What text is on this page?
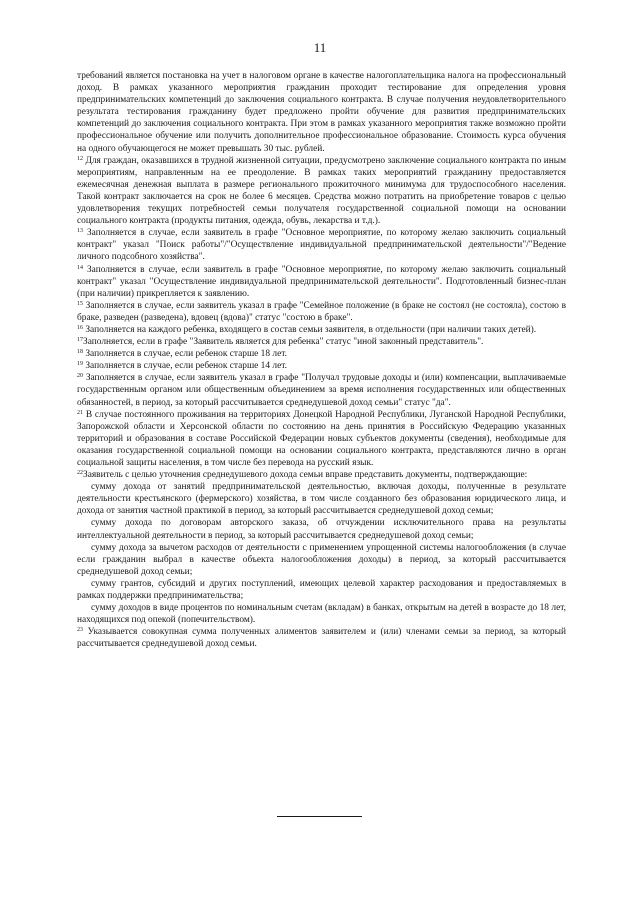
11

требований является постановка на учет в налоговом органе в качестве налогоплательщика налога на профессиональный доход. В рамках указанного мероприятия гражданин проходит тестирование для определения уровня предпринимательских компетенций до заключения социального контракта. В случае получения неудовлетворительного результата тестирования гражданину будет предложено пройти обучение для развития предпринимательских компетенций до заключения социального контракта. При этом в рамках указанного мероприятия также возможно пройти профессиональное обучение или получить дополнительное профессиональное образование. Стоимость курса обучения на одного обучающегося не может превышать 30 тыс. рублей.

$^{12}$ Для граждан, оказавшихся в трудной жизненной ситуации, предусмотрено заключение социального контракта по иным мероприятиям, направленным на ее преодоление. В рамках таких мероприятий гражданину предоставляется ежемесячная денежная выплата в размере регионального прожиточного минимума для трудоспособного населения. Такой контракт заключается на срок не более 6 месяцев. Средства можно потратить на приобретение товаров с целью удовлетворения текущих потребностей семьи получателя государственной социальной помощи на основании социального контракта (продукты питания, одежда, обувь, лекарства и т.д.).

$^{13}$ Заполняется в случае, если заявитель в графе "Основное мероприятие, по которому желаю заключить социальный контракт" указал "Поиск работы"/"Осуществление индивидуальной предпринимательской деятельности"/"Ведение личного подсобного хозяйства".

$^{14}$ Заполняется в случае, если заявитель в графе "Основное мероприятие, по которому желаю заключить социальный контракт" указал "Осуществление индивидуальной предпринимательской деятельности". Подготовленный бизнес-план (при наличии) прикрепляется к заявлению.

$^{15}$ Заполняется в случае, если заявитель указал в графе "Семейное положение (в браке не состоял (не состояла), состою в браке, разведен (разведена), вдовец (вдова)" статус "состою в браке".

$^{16}$ Заполняется на каждого ребенка, входящего в состав семьи заявителя, в отдельности (при наличии таких детей).

$^{17}$Заполняется, если в графе "Заявитель является для ребенка" статус "иной законный представитель".

$^{18}$ Заполняется в случае, если ребенок старше 18 лет.

$^{19}$ Заполняется в случае, если ребенок старше 14 лет.

$^{20}$ Заполняется в случае, если заявитель указал в графе "Получал трудовые доходы и (или) компенсации, выплачиваемые государственным органом или общественным объединением за время исполнения государственных или общественных обязанностей, в период, за который рассчитывается среднедушевой доход семьи" статус "да".

$^{21}$ В случае постоянного проживания на территориях Донецкой Народной Республики, Луганской Народной Республики, Запорожской области и Херсонской области по состоянию на день принятия в Российскую Федерацию указанных территорий и образования в составе Российской Федерации новых субъектов документы (сведения), необходимые для оказания государственной социальной помощи на основании социального контракта, представляются лично в орган социальной защиты населения, в том числе без перевода на русский язык.

$^{22}$Заявитель с целью уточнения среднедушевого дохода семьи вправе представить документы, подтверждающие:

сумму дохода от занятий предпринимательской деятельностью, включая доходы, полученные в результате деятельности крестьянского (фермерского) хозяйства, в том числе созданного без образования юридического лица, и дохода от занятия частной практикой в период, за который рассчитывается среднедушевой доход семьи;

сумму дохода по договорам авторского заказа, об отчуждении исключительного права на результаты интеллектуальной деятельности в период, за который рассчитывается среднедушевой доход семьи;

сумму дохода за вычетом расходов от деятельности с применением упрощенной системы налогообложения (в случае если гражданин выбрал в качестве объекта налогообложения доходы) в период, за который рассчитывается среднедушевой доход семьи;

сумму грантов, субсидий и других поступлений, имеющих целевой характер расходования и предоставляемых в рамках поддержки предпринимательства;

сумму доходов в виде процентов по номинальным счетам (вкладам) в банках, открытым на детей в возрасте до 18 лет, находящихся под опекой (попечительством).

$^{23}$ Указывается совокупная сумма полученных алиментов заявителем и (или) членами семьи за период, за который рассчитывается среднедушевой доход семьи.
